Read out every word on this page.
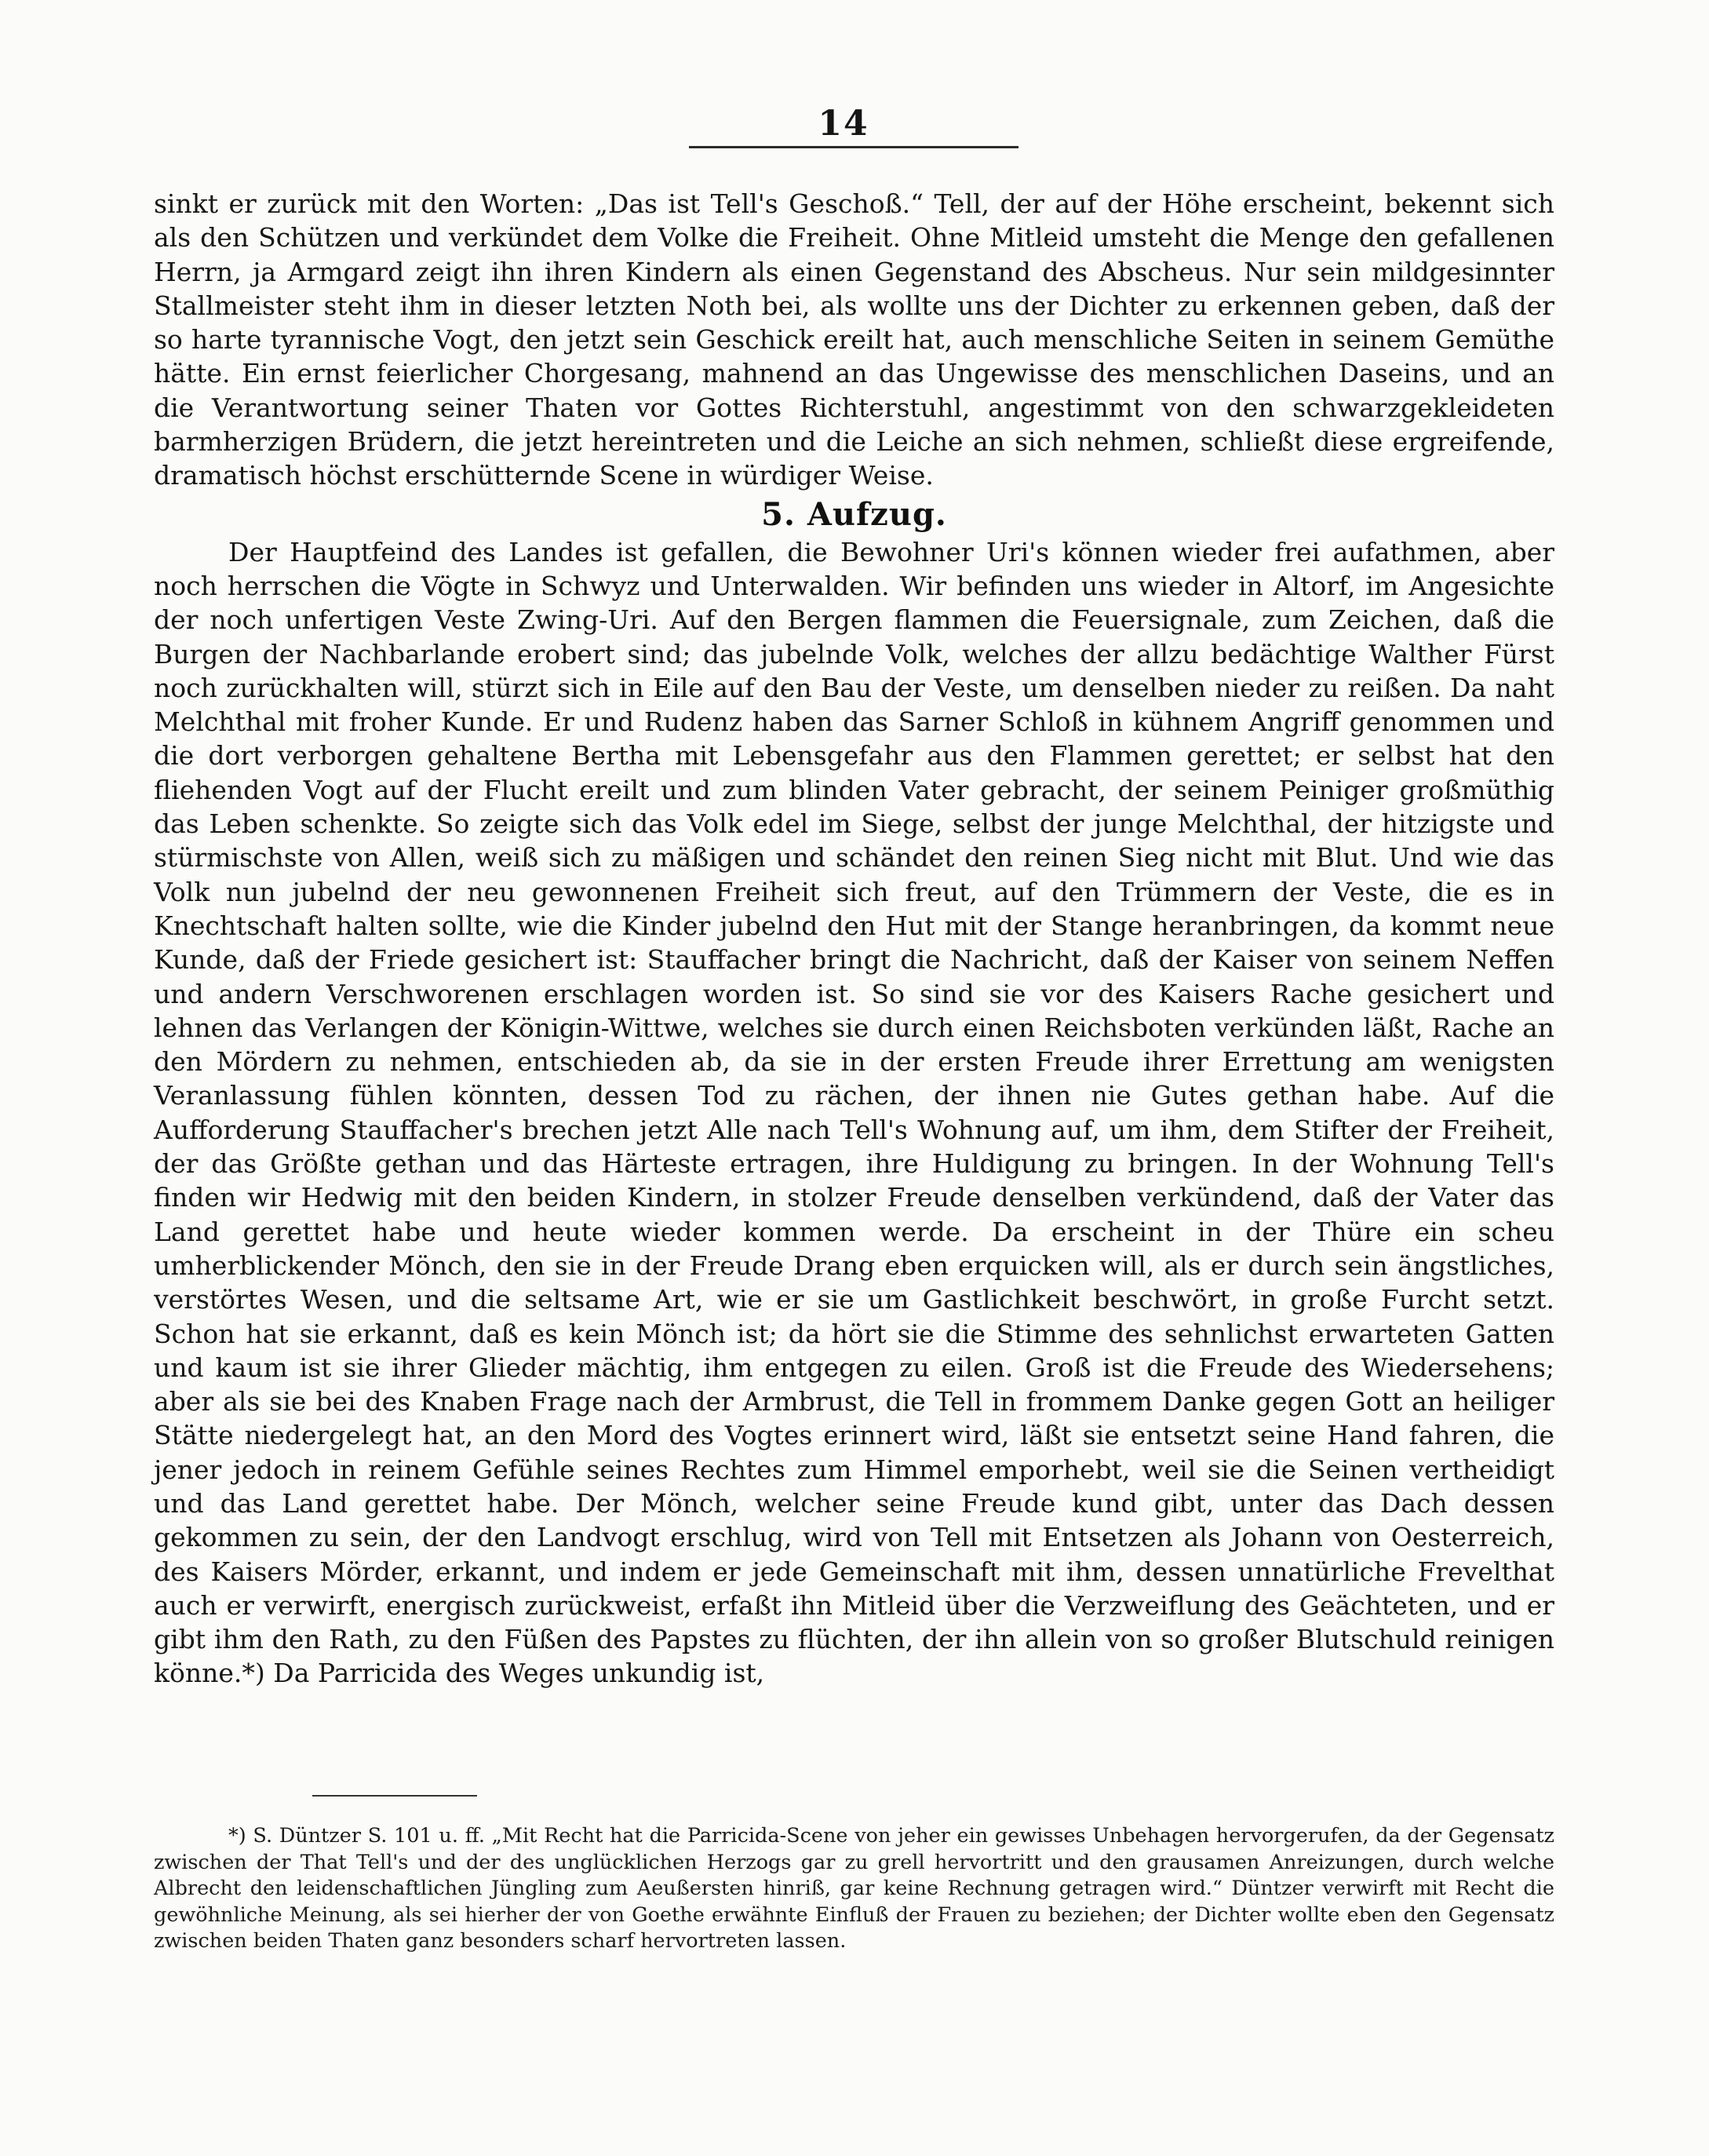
14

sinkt er zurück mit den Worten: „Das ist Tell's Geschoß.“ Tell, der auf der Höhe erscheint, bekennt sich als den Schützen und verkündet dem Volke die Freiheit. Ohne Mitleid umsteht die Menge den gefallenen Herrn, ja Armgard zeigt ihn ihren Kindern als einen Gegenstand des Abscheus. Nur sein mildgesinnter Stallmeister steht ihm in dieser letzten Noth bei, als wollte uns der Dichter zu erkennen geben, daß der so harte tyrannische Vogt, den jetzt sein Geschick ereilt hat, auch menschliche Seiten in seinem Gemüthe hätte. Ein ernst feierlicher Chorgesang, mahnend an das Ungewisse des menschlichen Daseins, und an die Verantwortung seiner Thaten vor Gottes Richterstuhl, angestimmt von den schwarzgekleideten barmherzigen Brüdern, die jetzt hereintreten und die Leiche an sich nehmen, schließt diese ergreifende, dramatisch höchst erschütternde Scene in würdiger Weise.

5. Aufzug.

Der Hauptfeind des Landes ist gefallen, die Bewohner Uri's können wieder frei aufathmen, aber noch herrschen die Vögte in Schwyz und Unterwalden. Wir befinden uns wieder in Altorf, im Angesichte der noch unfertigen Veste Zwing-Uri. Auf den Bergen flammen die Feuersignale, zum Zeichen, daß die Burgen der Nachbarlande erobert sind; das jubelnde Volk, welches der allzu bedächtige Walther Fürst noch zurückhalten will, stürzt sich in Eile auf den Bau der Veste, um denselben nieder zu reißen. Da naht Melchthal mit froher Kunde. Er und Rudenz haben das Sarner Schloß in kühnem Angriff genommen und die dort verborgen gehaltene Bertha mit Lebensgefahr aus den Flammen gerettet; er selbst hat den fliehenden Vogt auf der Flucht ereilt und zum blinden Vater gebracht, der seinem Peiniger großmüthig das Leben schenkte. So zeigte sich das Volk edel im Siege, selbst der junge Melchthal, der hitzigste und stürmischste von Allen, weiß sich zu mäßigen und schändet den reinen Sieg nicht mit Blut. Und wie das Volk nun jubelnd der neu gewonnenen Freiheit sich freut, auf den Trümmern der Veste, die es in Knechtschaft halten sollte, wie die Kinder jubelnd den Hut mit der Stange heranbringen, da kommt neue Kunde, daß der Friede gesichert ist: Stauffacher bringt die Nachricht, daß der Kaiser von seinem Neffen und andern Verschworenen erschlagen worden ist. So sind sie vor des Kaisers Rache gesichert und lehnen das Verlangen der Königin-Wittwe, welches sie durch einen Reichsboten verkünden läßt, Rache an den Mördern zu nehmen, entschieden ab, da sie in der ersten Freude ihrer Errettung am wenigsten Veranlassung fühlen könnten, dessen Tod zu rächen, der ihnen nie Gutes gethan habe. Auf die Aufforderung Stauffacher's brechen jetzt Alle nach Tell's Wohnung auf, um ihm, dem Stifter der Freiheit, der das Größte gethan und das Härteste ertragen, ihre Huldigung zu bringen. In der Wohnung Tell's finden wir Hedwig mit den beiden Kindern, in stolzer Freude denselben verkündend, daß der Vater das Land gerettet habe und heute wieder kommen werde. Da erscheint in der Thüre ein scheu umherblickender Mönch, den sie in der Freude Drang eben erquicken will, als er durch sein ängstliches, verstörtes Wesen, und die seltsame Art, wie er sie um Gastlichkeit beschwört, in große Furcht setzt. Schon hat sie erkannt, daß es kein Mönch ist; da hört sie die Stimme des sehnlichst erwarteten Gatten und kaum ist sie ihrer Glieder mächtig, ihm entgegen zu eilen. Groß ist die Freude des Wiedersehens; aber als sie bei des Knaben Frage nach der Armbrust, die Tell in frommem Danke gegen Gott an heiliger Stätte niedergelegt hat, an den Mord des Vogtes erinnert wird, läßt sie entsetzt seine Hand fahren, die jener jedoch in reinem Gefühle seines Rechtes zum Himmel emporhebt, weil sie die Seinen vertheidigt und das Land gerettet habe. Der Mönch, welcher seine Freude kund gibt, unter das Dach dessen gekommen zu sein, der den Landvogt erschlug, wird von Tell mit Entsetzen als Johann von Oesterreich, des Kaisers Mörder, erkannt, und indem er jede Gemeinschaft mit ihm, dessen unnatürliche Frevelthat auch er verwirft, energisch zurückweist, erfaßt ihn Mitleid über die Verzweiflung des Geächteten, und er gibt ihm den Rath, zu den Füßen des Papstes zu flüchten, der ihn allein von so großer Blutschuld reinigen könne.*) Da Parricida des Weges unkundig ist,

*) S. Düntzer S. 101 u. ff. „Mit Recht hat die Parricida-Scene von jeher ein gewisses Unbehagen hervorgerufen, da der Gegensatz zwischen der That Tell's und der des unglücklichen Herzogs gar zu grell hervortritt und den grausamen Anreizungen, durch welche Albrecht den leidenschaftlichen Jüngling zum Aeußersten hinriß, gar keine Rechnung getragen wird.“ Düntzer verwirft mit Recht die gewöhnliche Meinung, als sei hierher der von Goethe erwähnte Einfluß der Frauen zu beziehen; der Dichter wollte eben den Gegensatz zwischen beiden Thaten ganz besonders scharf hervortreten lassen.
